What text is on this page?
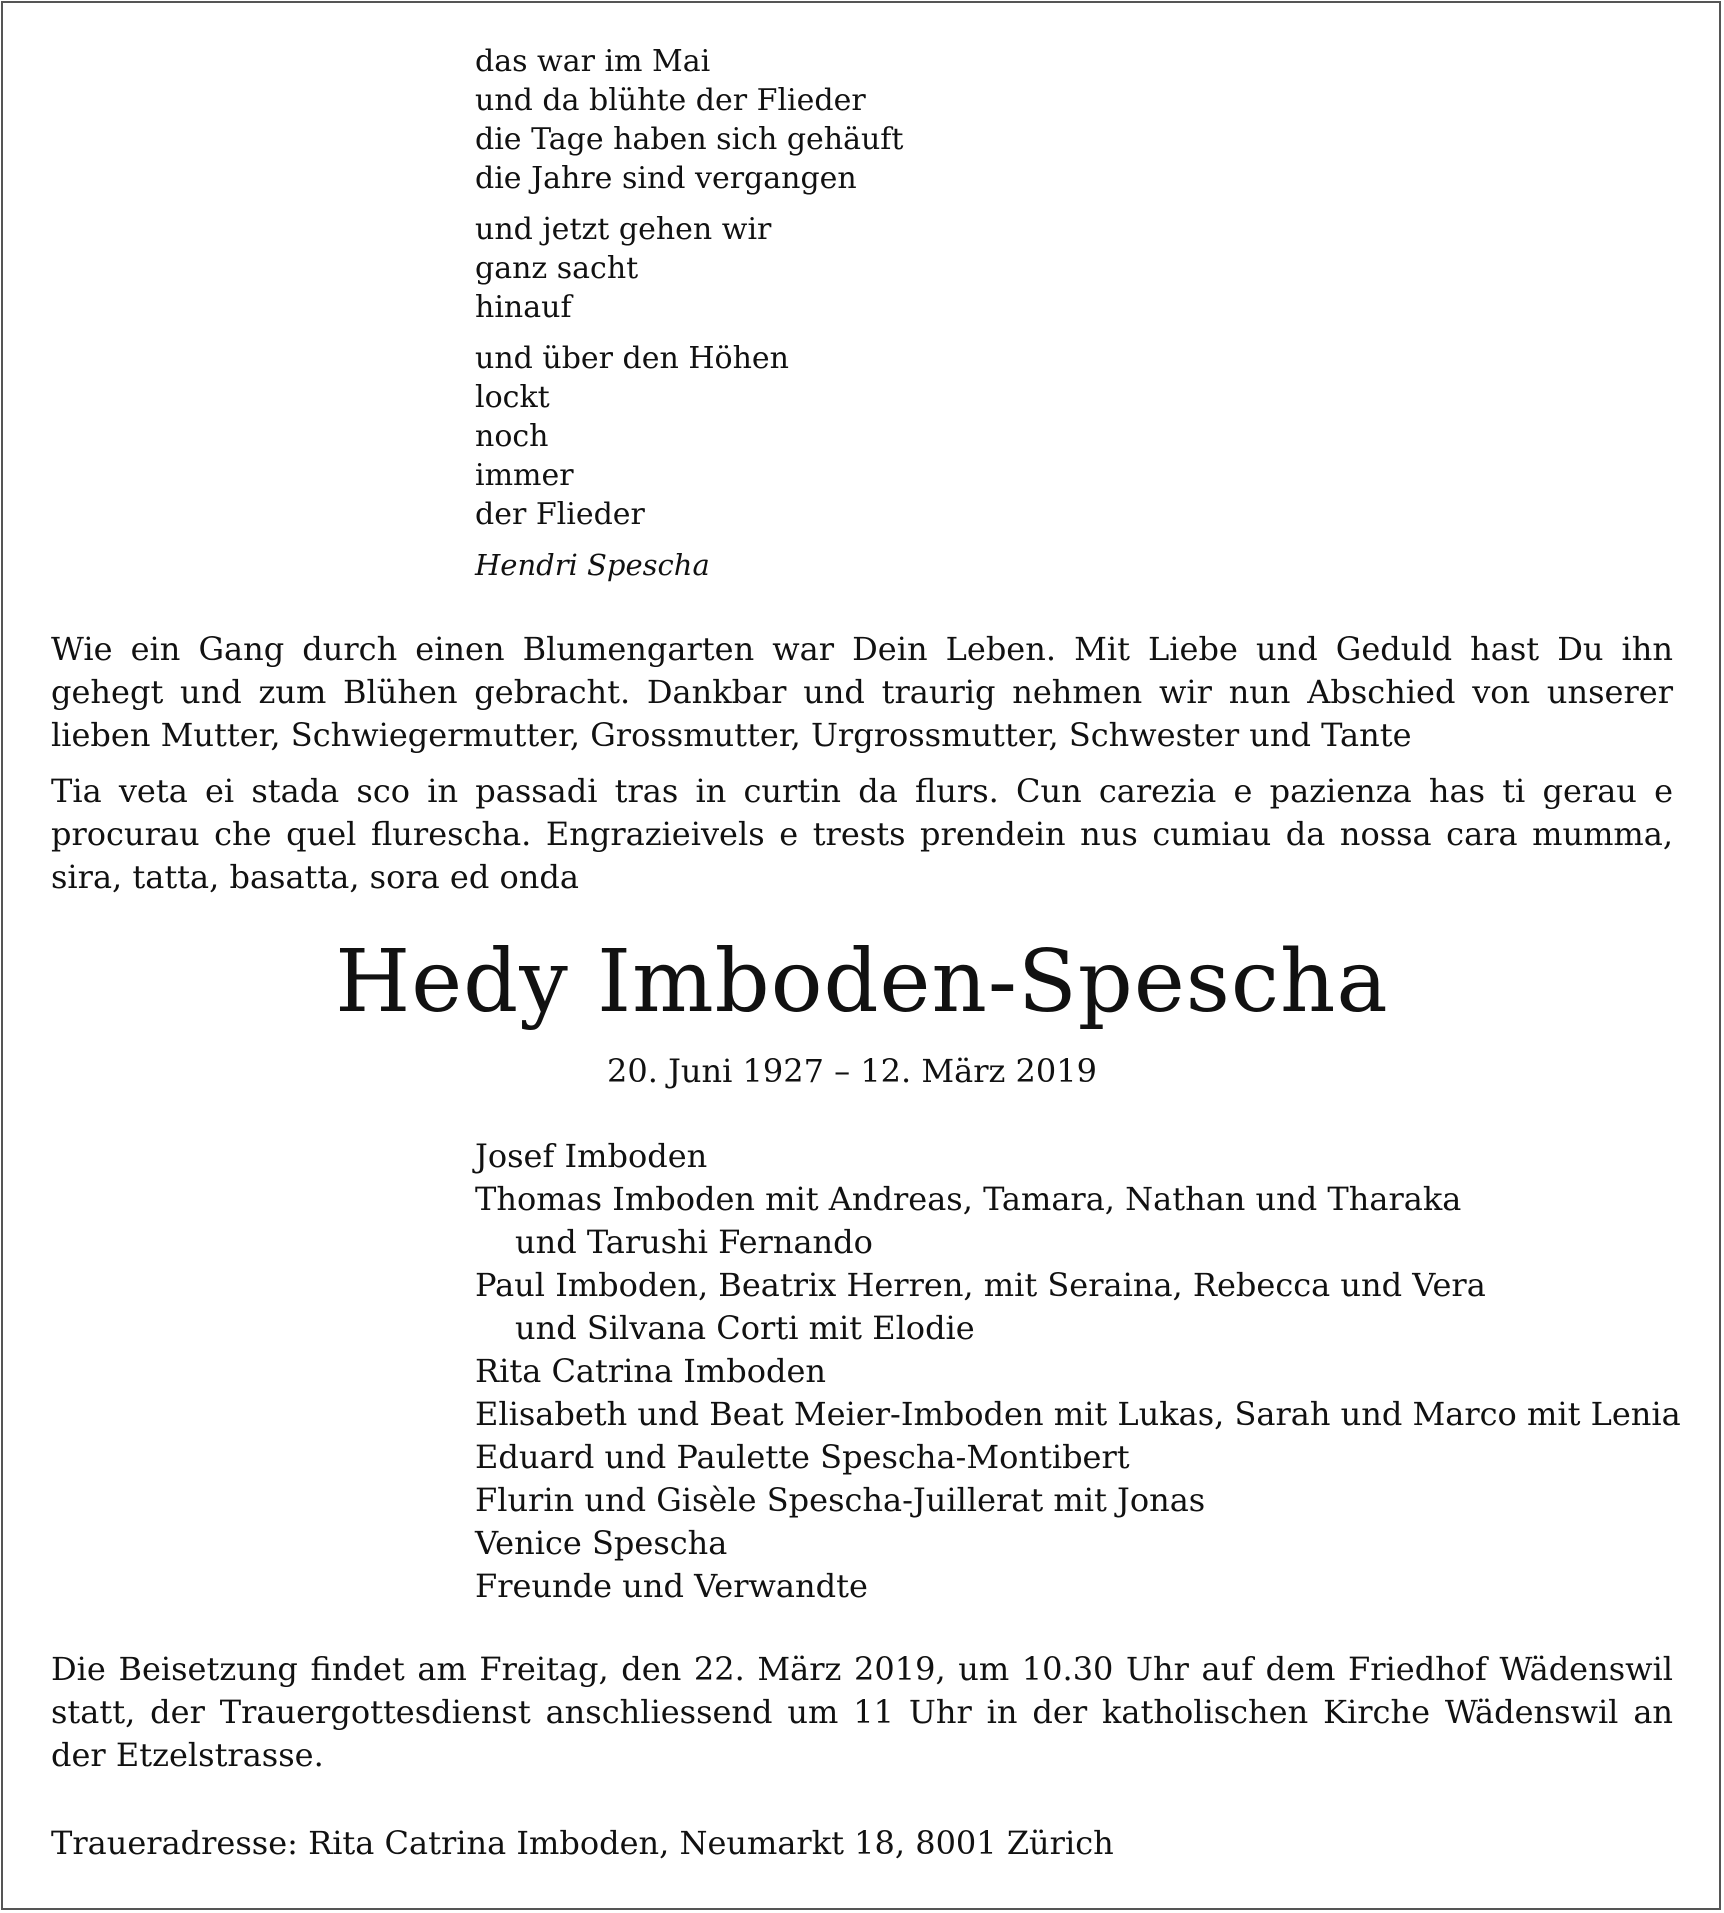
das war im Mai
und da blühte der Flieder
die Tage haben sich gehäuft
die Jahre sind vergangen
und jetzt gehen wir
ganz sacht
hinauf
und über den Höhen
lockt
noch
immer
der Flieder
Hendri Spescha
Wie ein Gang durch einen Blumengarten war Dein Leben. Mit Liebe und Geduld hast Du ihn gehegt und zum Blühen gebracht. Dankbar und traurig nehmen wir nun Abschied von unserer lieben Mutter, Schwiegermutter, Grossmutter, Urgrossmutter, Schwester und Tante
Tia veta ei stada sco in passadi tras in curtin da flurs. Cun carezia e pazienza has ti gerau e procurau che quel flurescha. Engrazieivels e trests prendein nus cumiau da nossa cara mumma, sira, tatta, basatta, sora ed onda
Hedy Imboden-Spescha
20. Juni 1927 – 12. März 2019
Josef Imboden
Thomas Imboden mit Andreas, Tamara, Nathan und Tharaka
und Tarushi Fernando
Paul Imboden, Beatrix Herren, mit Seraina, Rebecca und Vera
und Silvana Corti mit Elodie
Rita Catrina Imboden
Elisabeth und Beat Meier-Imboden mit Lukas, Sarah und Marco mit Lenia
Eduard und Paulette Spescha-Montibert
Flurin und Gisèle Spescha-Juillerat mit Jonas
Venice Spescha
Freunde und Verwandte
Die Beisetzung findet am Freitag, den 22. März 2019, um 10.30 Uhr auf dem Friedhof Wädenswil statt, der Trauergottesdienst anschliessend um 11 Uhr in der katholischen Kirche Wädenswil an der Etzelstrasse.
Traueradresse: Rita Catrina Imboden, Neumarkt 18, 8001 Zürich
